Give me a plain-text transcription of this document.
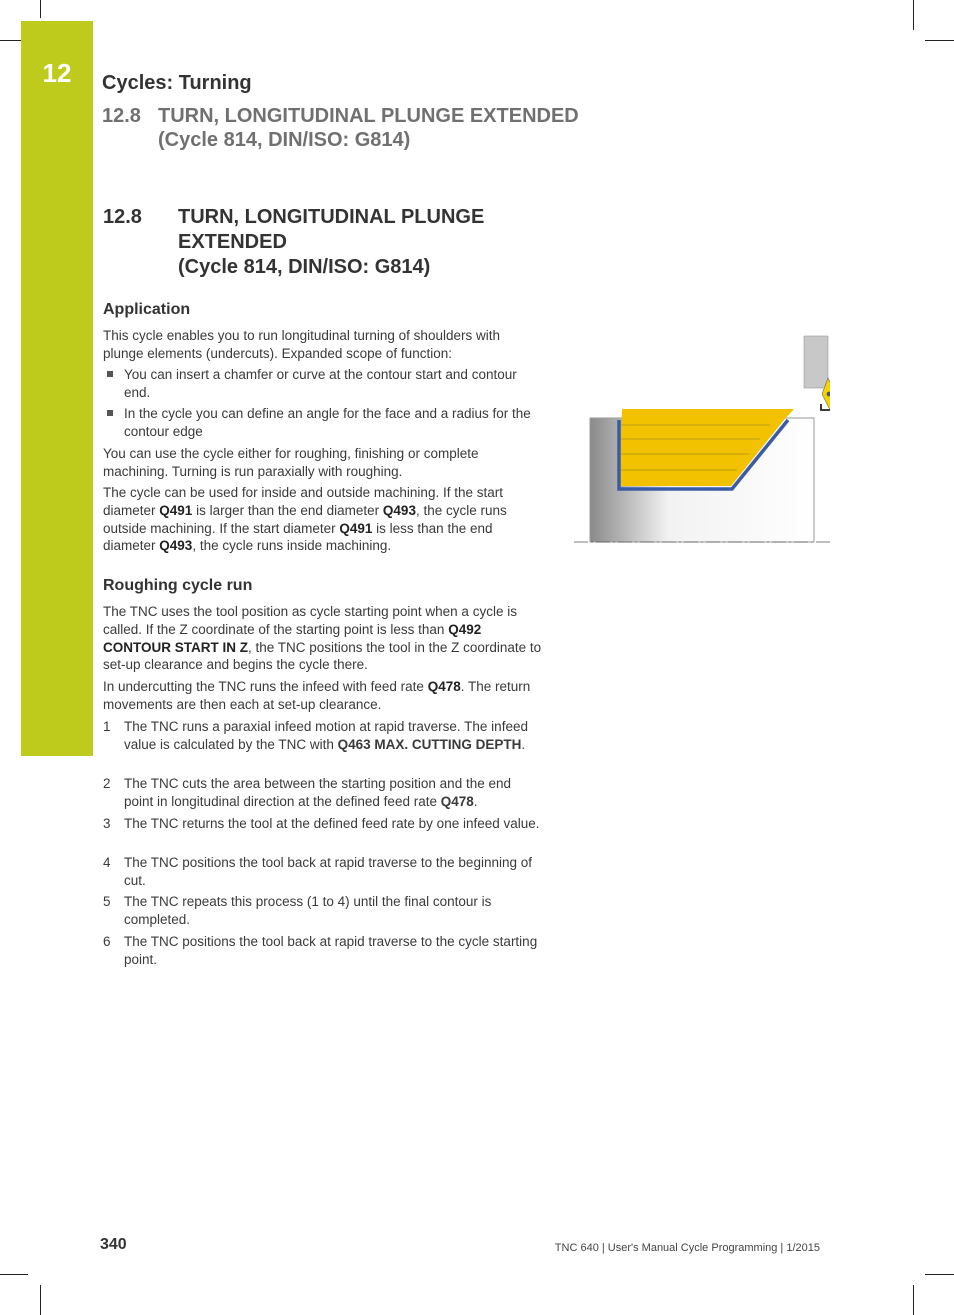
12	Cycles: Turning
12.8 TURN, LONGITUDINAL PLUNGE EXTENDED
(Cycle 814, DIN/ISO: G814)
12.8 TURN, LONGITUDINAL PLUNGE
EXTENDED
(Cycle 814, DIN/ISO: G814)
Application
This cycle enables you to run longitudinal turning of shoulders with plunge elements (undercuts). Expanded scope of function:
You can insert a chamfer or curve at the contour start and contour end.
In the cycle you can define an angle for the face and a radius for the contour edge
You can use the cycle either for roughing, finishing or complete machining. Turning is run paraxially with roughing.
The cycle can be used for inside and outside machining. If the start diameter Q491 is larger than the end diameter Q493, the cycle runs outside machining. If the start diameter Q491 is less than the end diameter Q493, the cycle runs inside machining.
Roughing cycle run
The TNC uses the tool position as cycle starting point when a cycle is called. If the Z coordinate of the starting point is less than Q492 CONTOUR START IN Z, the TNC positions the tool in the Z coordinate to set-up clearance and begins the cycle there.
In undercutting the TNC runs the infeed with feed rate Q478. The return movements are then each at set-up clearance.
1 The TNC runs a paraxial infeed motion at rapid traverse. The infeed value is calculated by the TNC with Q463 MAX. CUTTING DEPTH.
2 The TNC cuts the area between the starting position and the end point in longitudinal direction at the defined feed rate Q478.
3 The TNC returns the tool at the defined feed rate by one infeed value.
4 The TNC positions the tool back at rapid traverse to the beginning of cut.
5 The TNC repeats this process (1 to 4) until the final contour is completed.
6 The TNC positions the tool back at rapid traverse to the cycle starting point.
340	TNC 640 | User's Manual Cycle Programming | 1/2015
